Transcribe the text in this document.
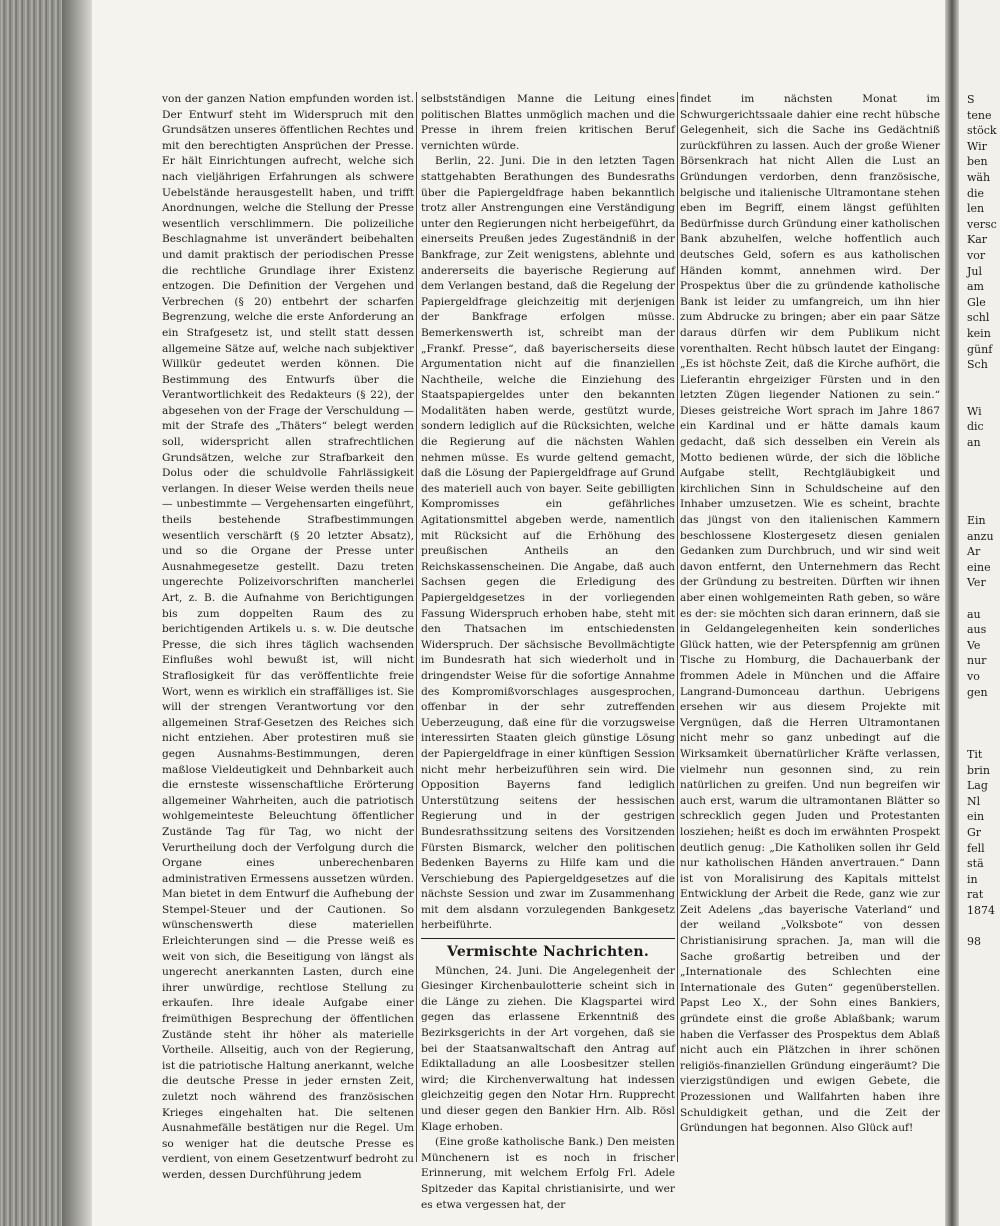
S
tene
stöck
Wir
ben
wäh
die
len
versc
Kar
vor
Jul
am
Gle
schl
kein
günf
Sch

Wi
dic
an

Ein
anzu
Ar
eine
Ver

au
aus
Ve
nur
vo
gen

Tit
brin
Lag
Nl
ein
Gr
fell
stä
in
rat
1874

98

von der ganzen Nation empfunden worden ist. Der Entwurf steht im Widerspruch mit den Grundsätzen unseres öffentlichen Rechtes und mit den berechtigten Ansprüchen der Presse. Er hält Einrichtungen aufrecht, welche sich nach vieljährigen Erfahrungen als schwere Uebelstände herausgestellt haben, und trifft Anordnungen, welche die Stellung der Presse wesentlich verschlimmern. Die polizeiliche Beschlagnahme ist unverändert beibehalten und damit praktisch der periodischen Presse die rechtliche Grundlage ihrer Existenz entzogen. Die Definition der Vergehen und Verbrechen (§ 20) entbehrt der scharfen Begrenzung, welche die erste Anforderung an ein Strafgesetz ist, und stellt statt dessen allgemeine Sätze auf, welche nach subjektiver Willkür gedeutet werden können. Die Bestimmung des Entwurfs über die Verantwortlichkeit des Redakteurs (§ 22), der abgesehen von der Frage der Verschuldung — mit der Strafe des „Thäters“ belegt werden soll, widerspricht allen strafrechtlichen Grundsätzen, welche zur Strafbarkeit den Dolus oder die schuldvolle Fahrlässigkeit verlangen. In dieser Weise werden theils neue — unbestimmte — Vergehensarten eingeführt, theils bestehende Strafbestimmungen wesentlich verschärft (§ 20 letzter Absatz), und so die Organe der Presse unter Ausnahmegesetze gestellt. Dazu treten ungerechte Polizeivorschriften mancherlei Art, z. B. die Aufnahme von Berichtigungen bis zum doppelten Raum des zu berichtigenden Artikels u. s. w. Die deutsche Presse, die sich ihres täglich wachsenden Einflußes wohl bewußt ist, will nicht Straflosigkeit für das veröffentlichte freie Wort, wenn es wirklich ein straffälliges ist. Sie will der strengen Verantwortung vor den allgemeinen Straf-Gesetzen des Reiches sich nicht entziehen. Aber protestiren muß sie gegen Ausnahms-Bestimmungen, deren maßlose Vieldeutigkeit und Dehnbarkeit auch die ernsteste wissenschaftliche Erörterung allgemeiner Wahrheiten, auch die patriotisch wohlgemeinteste Beleuchtung öffentlicher Zustände Tag für Tag, wo nicht der Verurtheilung doch der Verfolgung durch die Organe eines unberechenbaren administrativen Ermessens aussetzen würden. Man bietet in dem Entwurf die Aufhebung der Stempel-Steuer und der Cautionen. So wünschenswerth diese materiellen Erleichterungen sind — die Presse weiß es weit von sich, die Beseitigung von längst als ungerecht anerkannten Lasten, durch eine ihrer unwürdige, rechtlose Stellung zu erkaufen. Ihre ideale Aufgabe einer freimüthigen Besprechung der öffentlichen Zustände steht ihr höher als materielle Vortheile. Allseitig, auch von der Regierung, ist die patriotische Haltung anerkannt, welche die deutsche Presse in jeder ernsten Zeit, zuletzt noch während des französischen Krieges eingehalten hat. Die seltenen Ausnahmefälle bestätigen nur die Regel. Um so weniger hat die deutsche Presse es verdient, von einem Gesetzentwurf bedroht zu werden, dessen Durchführung jedem

selbstständigen Manne die Leitung eines politischen Blattes unmöglich machen und die Presse in ihrem freien kritischen Beruf vernichten würde.

Berlin, 22. Juni. Die in den letzten Tagen stattgehabten Berathungen des Bundesraths über die Papiergeldfrage haben bekanntlich trotz aller Anstrengungen eine Verständigung unter den Regierungen nicht herbeigeführt, da einerseits Preußen jedes Zugeständniß in der Bankfrage, zur Zeit wenigstens, ablehnte und andererseits die bayerische Regierung auf dem Verlangen bestand, daß die Regelung der Papiergeldfrage gleichzeitig mit derjenigen der Bankfrage erfolgen müsse. Bemerkenswerth ist, schreibt man der „Frankf. Presse“, daß bayerischerseits diese Argumentation nicht auf die finanziellen Nachtheile, welche die Einziehung des Staatspapiergeldes unter den bekannten Modalitäten haben werde, gestützt wurde, sondern lediglich auf die Rücksichten, welche die Regierung auf die nächsten Wahlen nehmen müsse. Es wurde geltend gemacht, daß die Lösung der Papiergeldfrage auf Grund des materiell auch von bayer. Seite gebilligten Kompromisses ein gefährliches Agitationsmittel abgeben werde, namentlich mit Rücksicht auf die Erhöhung des preußischen Antheils an den Reichskassenscheinen. Die Angabe, daß auch Sachsen gegen die Erledigung des Papiergeldgesetzes in der vorliegenden Fassung Widerspruch erhoben habe, steht mit den Thatsachen im entschiedensten Widerspruch. Der sächsische Bevollmächtigte im Bundesrath hat sich wiederholt und in dringendster Weise für die sofortige Annahme des Kompromißvorschlages ausgesprochen, offenbar in der sehr zutreffenden Ueberzeugung, daß eine für die vorzugsweise interessirten Staaten gleich günstige Lösung der Papiergeldfrage in einer künftigen Session nicht mehr herbeizuführen sein wird. Die Opposition Bayerns fand lediglich Unterstützung seitens der hessischen Regierung und in der gestrigen Bundesrathssitzung seitens des Vorsitzenden Fürsten Bismarck, welcher den politischen Bedenken Bayerns zu Hilfe kam und die Verschiebung des Papiergeldgesetzes auf die nächste Session und zwar im Zusammenhang mit dem alsdann vorzulegenden Bankgesetz herbeiführte.

Vermischte Nachrichten.

München, 24. Juni. Die Angelegenheit der Giesinger Kirchenbaulotterie scheint sich in die Länge zu ziehen. Die Klagspartei wird gegen das erlassene Erkenntniß des Bezirksgerichts in der Art vorgehen, daß sie bei der Staatsanwaltschaft den Antrag auf Ediktalladung an alle Loosbesitzer stellen wird; die Kirchenverwaltung hat indessen gleichzeitig gegen den Notar Hrn. Rupprecht und dieser gegen den Bankier Hrn. Alb. Rösl Klage erhoben.

(Eine große katholische Bank.) Den meisten Münchenern ist es noch in frischer Erinnerung, mit welchem Erfolg Frl. Adele Spitzeder das Kapital christianisirte, und wer es etwa vergessen hat, der

findet im nächsten Monat im Schwurgerichtssaale dahier eine recht hübsche Gelegenheit, sich die Sache ins Gedächtniß zurückführen zu lassen. Auch der große Wiener Börsenkrach hat nicht Allen die Lust an Gründungen verdorben, denn französische, belgische und italienische Ultramontane stehen eben im Begriff, einem längst gefühlten Bedürfnisse durch Gründung einer katholischen Bank abzuhelfen, welche hoffentlich auch deutsches Geld, sofern es aus katholischen Händen kommt, annehmen wird. Der Prospektus über die zu gründende katholische Bank ist leider zu umfangreich, um ihn hier zum Abdrucke zu bringen; aber ein paar Sätze daraus dürfen wir dem Publikum nicht vorenthalten. Recht hübsch lautet der Eingang: „Es ist höchste Zeit, daß die Kirche aufhört, die Lieferantin ehrgeiziger Fürsten und in den letzten Zügen liegender Nationen zu sein.“ Dieses geistreiche Wort sprach im Jahre 1867 ein Kardinal und er hätte damals kaum gedacht, daß sich desselben ein Verein als Motto bedienen würde, der sich die löbliche Aufgabe stellt, Rechtgläubigkeit und kirchlichen Sinn in Schuldscheine auf den Inhaber umzusetzen. Wie es scheint, brachte das jüngst von den italienischen Kammern beschlossene Klostergesetz diesen genialen Gedanken zum Durchbruch, und wir sind weit davon entfernt, den Unternehmern das Recht der Gründung zu bestreiten. Dürften wir ihnen aber einen wohlgemeinten Rath geben, so wäre es der: sie möchten sich daran erinnern, daß sie in Geldangelegenheiten kein sonderliches Glück hatten, wie der Peterspfennig am grünen Tische zu Homburg, die Dachauerbank der frommen Adele in München und die Affaire Langrand-Dumonceau darthun. Uebrigens ersehen wir aus diesem Projekte mit Vergnügen, daß die Herren Ultramontanen nicht mehr so ganz unbedingt auf die Wirksamkeit übernatürlicher Kräfte verlassen, vielmehr nun gesonnen sind, zu rein natürlichen zu greifen. Und nun begreifen wir auch erst, warum die ultramontanen Blätter so schrecklich gegen Juden und Protestanten losziehen; heißt es doch im erwähnten Prospekt deutlich genug: „Die Katholiken sollen ihr Geld nur katholischen Händen anvertrauen.“ Dann ist von Moralisirung des Kapitals mittelst Entwicklung der Arbeit die Rede, ganz wie zur Zeit Adelens „das bayerische Vaterland“ und der weiland „Volksbote“ von dessen Christianisirung sprachen. Ja, man will die Sache großartig betreiben und der „Internationale des Schlechten eine Internationale des Guten“ gegenüberstellen. Papst Leo X., der Sohn eines Bankiers, gründete einst die große Ablaßbank; warum haben die Verfasser des Prospektus dem Ablaß nicht auch ein Plätzchen in ihrer schönen religiös-finanziellen Gründung eingeräumt? Die vierzigstündigen und ewigen Gebete, die Prozessionen und Wallfahrten haben ihre Schuldigkeit gethan, und die Zeit der Gründungen hat begonnen. Also Glück auf!
